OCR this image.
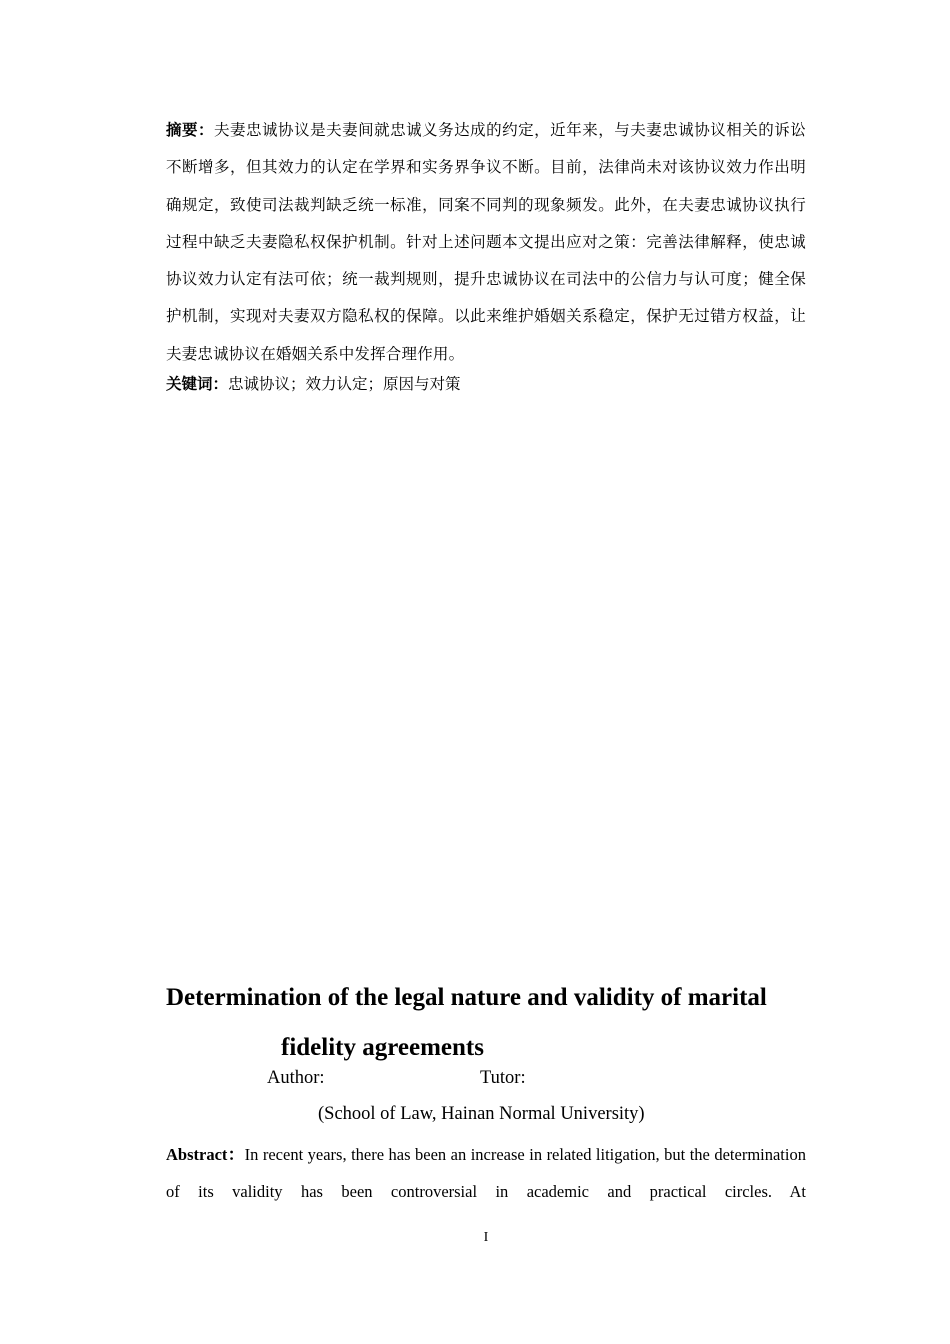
摘要：夫妻忠诚协议是夫妻间就忠诚义务达成的约定，近年来，与夫妻忠诚协议相关的诉讼不断增多，但其效力的认定在学界和实务界争议不断。目前，法律尚未对该协议效力作出明确规定，致使司法裁判缺乏统一标准，同案不同判的现象频发。此外，在夫妻忠诚协议执行过程中缺乏夫妻隐私权保护机制。针对上述问题本文提出应对之策：完善法律解释，使忠诚协议效力认定有法可依；统一裁判规则，提升忠诚协议在司法中的公信力与认可度；健全保护机制，实现对夫妻双方隐私权的保障。以此来维护婚姻关系稳定，保护无过错方权益，让夫妻忠诚协议在婚姻关系中发挥合理作用。
关键词：忠诚协议；效力认定；原因与对策
Determination of the legal nature and validity of marital
fidelity agreements
Author:	Tutor:
(School of Law, Hainan Normal University)
Abstract：In recent years, there has been an increase in related litigation, but the determination of its validity has been controversial in academic and practical circles. At
I
